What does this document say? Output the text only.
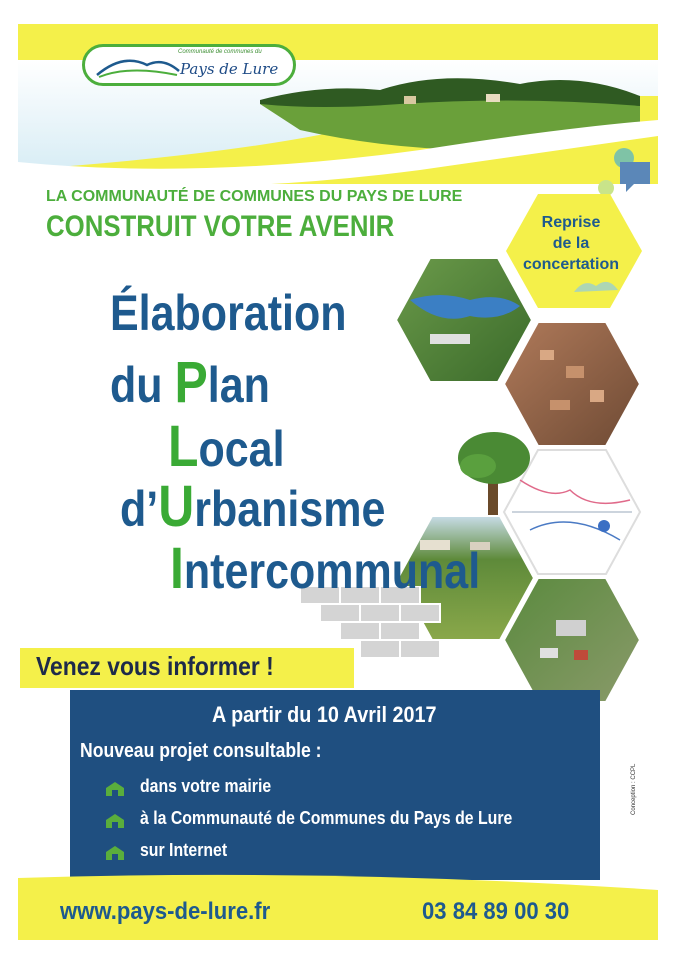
Communauté de communes du
Pays de Lure
LA COMMUNAUTÉ DE COMMUNES DU PAYS DE LURE
CONSTRUIT VOTRE AVENIR	Reprise
de la
concertation
Élaboration
du Plan
Local
d’Urbanisme
Intercommunal
Venez vous informer !
A partir du 10 Avril 2017
Nouveau projet consultable :
dans votre mairie
à la Communauté de Communes du Pays de Lure
sur Internet
Conception : CCPL
www.pays-de-lure.fr	03 84 89 00 30
